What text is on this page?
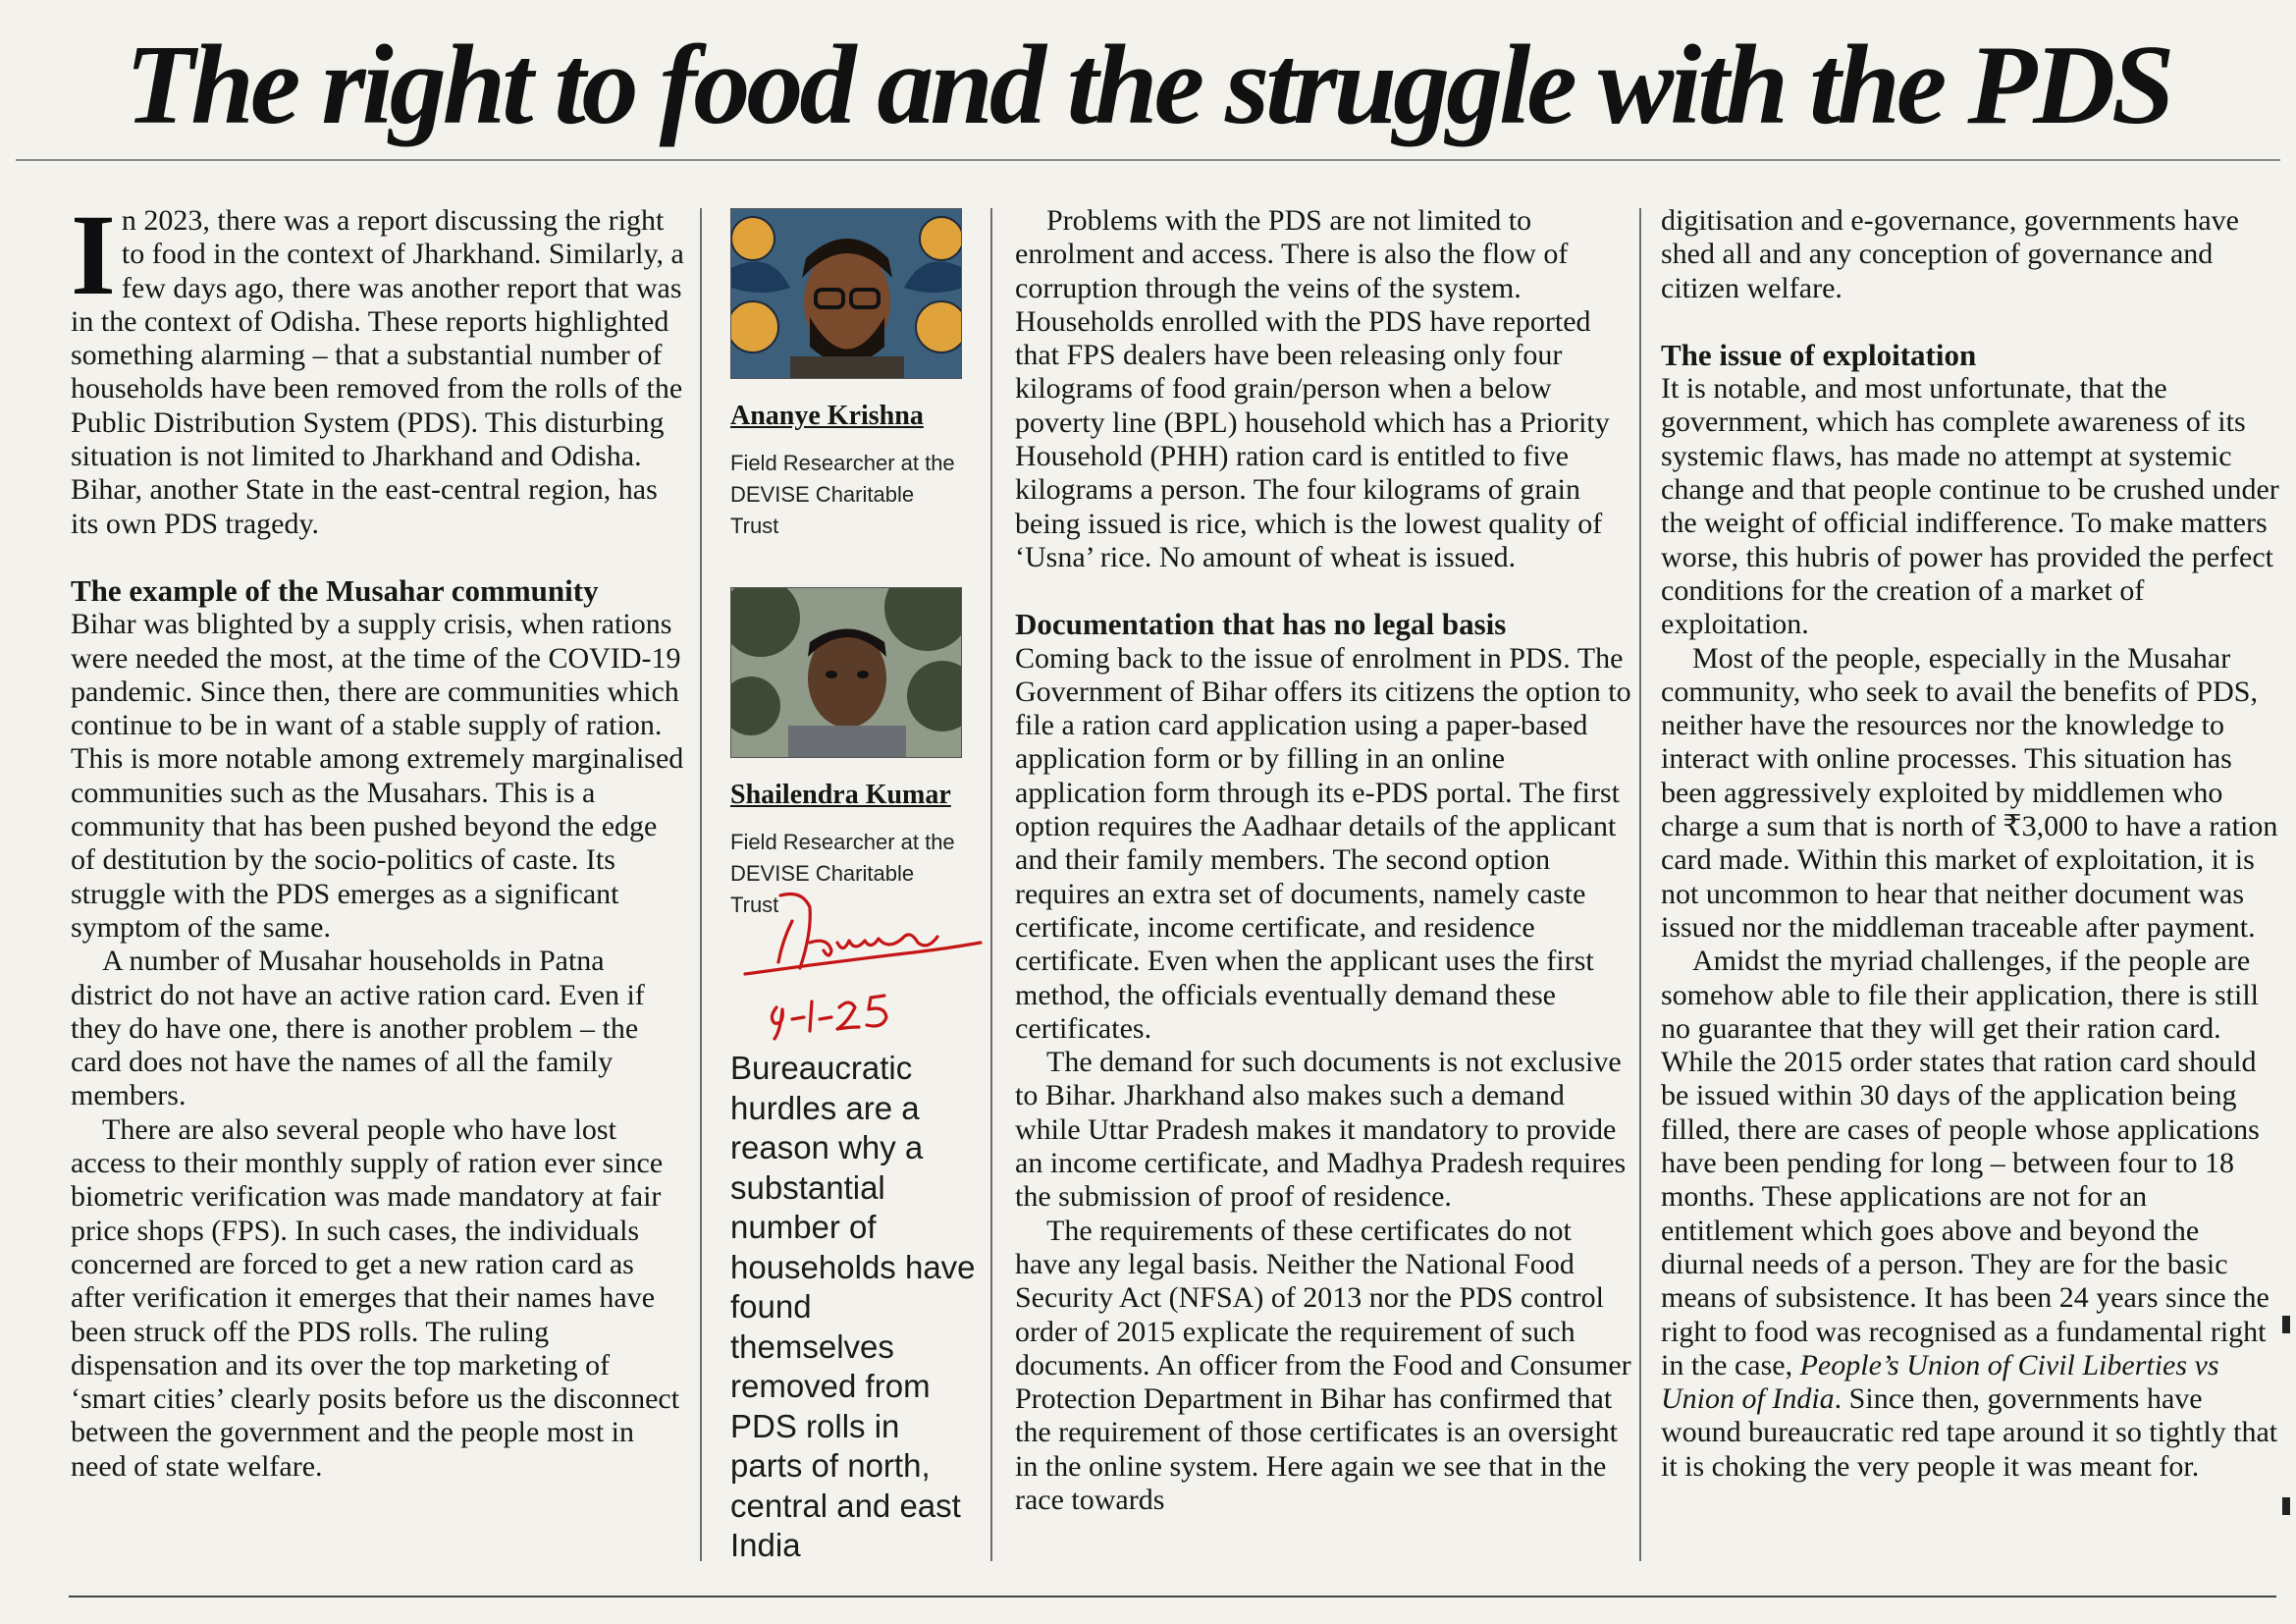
The right to food and the struggle with the PDS

In 2023, there was a report discussing the right to food in the context of Jharkhand. Similarly, a few days ago, there was another report that was in the context of Odisha. These reports highlighted something alarming – that a substantial number of households have been removed from the rolls of the Public Distribution System (PDS). This disturbing situation is not limited to Jharkhand and Odisha. Bihar, another State in the east-central region, has its own PDS tragedy.

The example of the Musahar community

Bihar was blighted by a supply crisis, when rations were needed the most, at the time of the COVID-19 pandemic. Since then, there are communities which continue to be in want of a stable supply of ration. This is more notable among extremely marginalised communities such as the Musahars. This is a community that has been pushed beyond the edge of destitution by the socio-politics of caste. Its struggle with the PDS emerges as a significant symptom of the same.

A number of Musahar households in Patna district do not have an active ration card. Even if they do have one, there is another problem – the card does not have the names of all the family members.

There are also several people who have lost access to their monthly supply of ration ever since biometric verification was made mandatory at fair price shops (FPS). In such cases, the individuals concerned are forced to get a new ration card as after verification it emerges that their names have been struck off the PDS rolls. The ruling dispensation and its over the top marketing of ‘smart cities’ clearly posits before us the disconnect between the government and the people most in need of state welfare.

Ananye Krishna
Field Researcher at the DEVISE Charitable Trust
Shailendra Kumar
Field Researcher at the DEVISE Charitable Trust
Bureaucratic hurdles are a reason why a substantial number of households have found themselves removed from PDS rolls in parts of north, central and east India

Problems with the PDS are not limited to enrolment and access. There is also the flow of corruption through the veins of the system. Households enrolled with the PDS have reported that FPS dealers have been releasing only four kilograms of food grain/person when a below poverty line (BPL) household which has a Priority Household (PHH) ration card is entitled to five kilograms a person. The four kilograms of grain being issued is rice, which is the lowest quality of ‘Usna’ rice. No amount of wheat is issued.

Documentation that has no legal basis

Coming back to the issue of enrolment in PDS. The Government of Bihar offers its citizens the option to file a ration card application using a paper-based application form or by filling in an online application form through its e-PDS portal. The first option requires the Aadhaar details of the applicant and their family members. The second option requires an extra set of documents, namely caste certificate, income certificate, and residence certificate. Even when the applicant uses the first method, the officials eventually demand these certificates.

The demand for such documents is not exclusive to Bihar. Jharkhand also makes such a demand while Uttar Pradesh makes it mandatory to provide an income certificate, and Madhya Pradesh requires the submission of proof of residence.

The requirements of these certificates do not have any legal basis. Neither the National Food Security Act (NFSA) of 2013 nor the PDS control order of 2015 explicate the requirement of such documents. An officer from the Food and Consumer Protection Department in Bihar has confirmed that the requirement of those certificates is an oversight in the online system. Here again we see that in the race towards

digitisation and e-governance, governments have shed all and any conception of governance and citizen welfare.

The issue of exploitation

It is notable, and most unfortunate, that the government, which has complete awareness of its systemic flaws, has made no attempt at systemic change and that people continue to be crushed under the weight of official indifference. To make matters worse, this hubris of power has provided the perfect conditions for the creation of a market of exploitation.

Most of the people, especially in the Musahar community, who seek to avail the benefits of PDS, neither have the resources nor the knowledge to interact with online processes. This situation has been aggressively exploited by middlemen who charge a sum that is north of ₹3,000 to have a ration card made. Within this market of exploitation, it is not uncommon to hear that neither document was issued nor the middleman traceable after payment.

Amidst the myriad challenges, if the people are somehow able to file their application, there is still no guarantee that they will get their ration card. While the 2015 order states that ration card should be issued within 30 days of the application being filled, there are cases of people whose applications have been pending for long – between four to 18 months. These applications are not for an entitlement which goes above and beyond the diurnal needs of a person. They are for the basic means of subsistence. It has been 24 years since the right to food was recognised as a fundamental right in the case, People’s Union of Civil Liberties vs Union of India. Since then, governments have wound bureaucratic red tape around it so tightly that it is choking the very people it was meant for.
